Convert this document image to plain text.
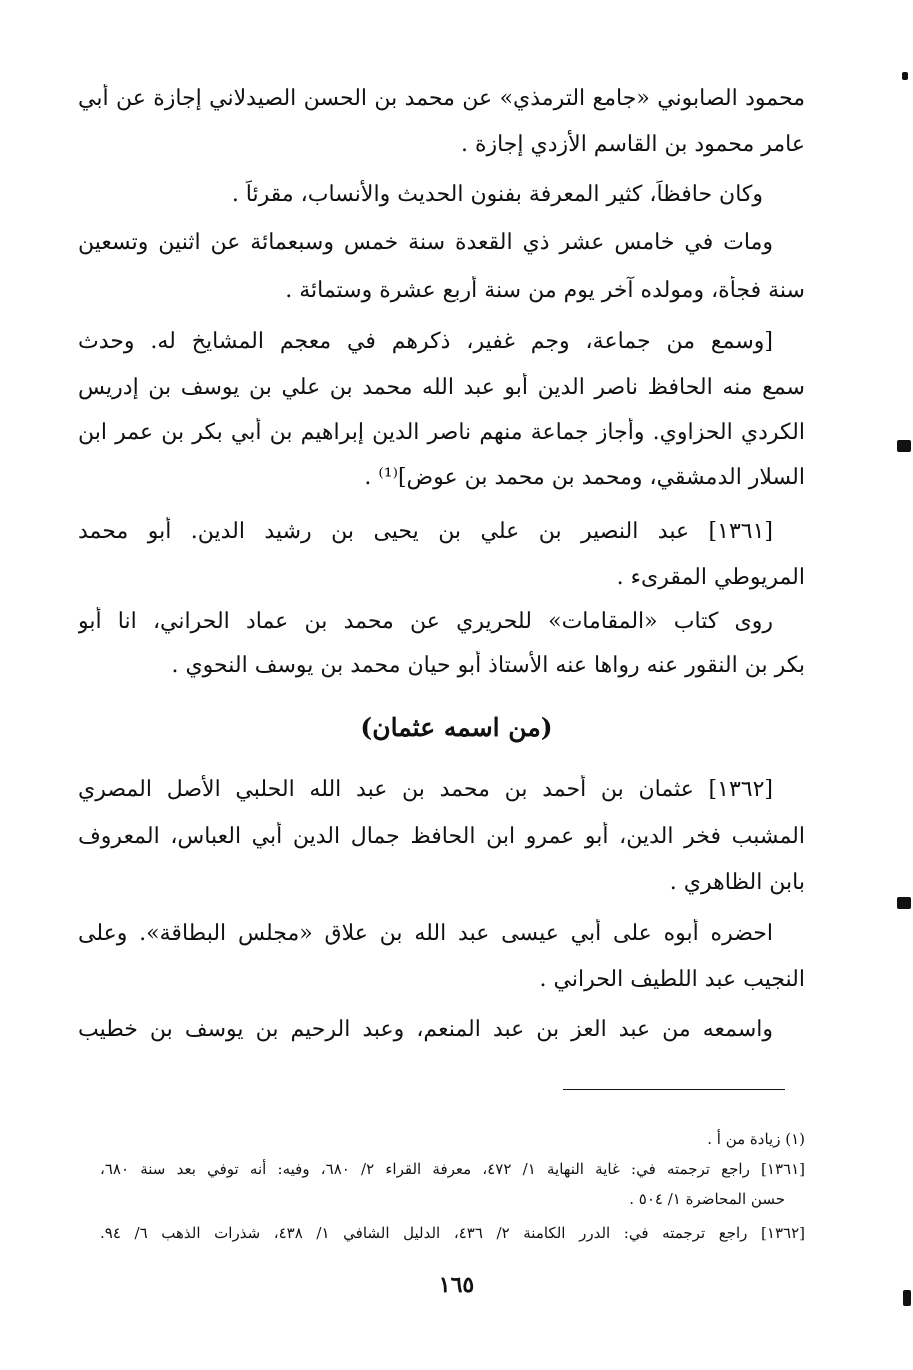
محمود الصابوني «جامع الترمذي» عن محمد بن الحسن الصيدلاني إجازة عن أبي
عامر محمود بن القاسم الأزدي إجازة .
وكان حافظاً، كثير المعرفة بفنون الحديث والأنساب، مقرئاً .
ومات في خامس عشر ذي القعدة سنة خمس وسبعمائة عن اثنين وتسعين
سنة فجأة، ومولده آخر يوم من سنة أربع عشرة وستمائة .
[وسمع من جماعة، وجم غفير، ذكرهم في معجم المشايخ له. وحدث
سمع منه الحافظ ناصر الدين أبو عبد الله محمد بن علي بن يوسف بن إدريس
الكردي الحزاوي. وأجاز جماعة منهم ناصر الدين إبراهيم بن أبي بكر بن عمر ابن
السلار الدمشقي، ومحمد بن محمد بن عوض]⁽¹⁾ .
[١٣٦١] عبد النصير بن علي بن يحيى بن رشيد الدين. أبو محمد
المريوطي المقرىء .
روى كتاب «المقامات» للحريري عن محمد بن عماد الحراني، انا أبو
بكر بن النقور عنه رواها عنه الأستاذ أبو حيان محمد بن يوسف النحوي .
(من اسمه عثمان)
[١٣٦٢] عثمان بن أحمد بن محمد بن عبد الله الحلبي الأصل المصري
المشبب فخر الدين، أبو عمرو ابن الحافظ جمال الدين أبي العباس، المعروف
بابن الظاهري .
احضره أبوه على أبي عيسى عبد الله بن علاق «مجلس البطاقة». وعلى
النجيب عبد اللطيف الحراني .
واسمعه من عبد العز بن عبد المنعم، وعبد الرحيم بن يوسف بن خطيب
(١) زيادة من أ .
[١٣٦١] راجع ترجمته في: غاية النهاية ١/ ٤٧٢، معرفة القراء ٢/ ٦٨٠، وفيه: أنه توفي بعد سنة ٦٨٠،
حسن المحاضرة ١/ ٥٠٤ .
[١٣٦٢] راجع ترجمته في: الدرر الكامنة ٢/ ٤٣٦، الدليل الشافي ١/ ٤٣٨، شذرات الذهب ٦/ ٩٤.
١٦٥
